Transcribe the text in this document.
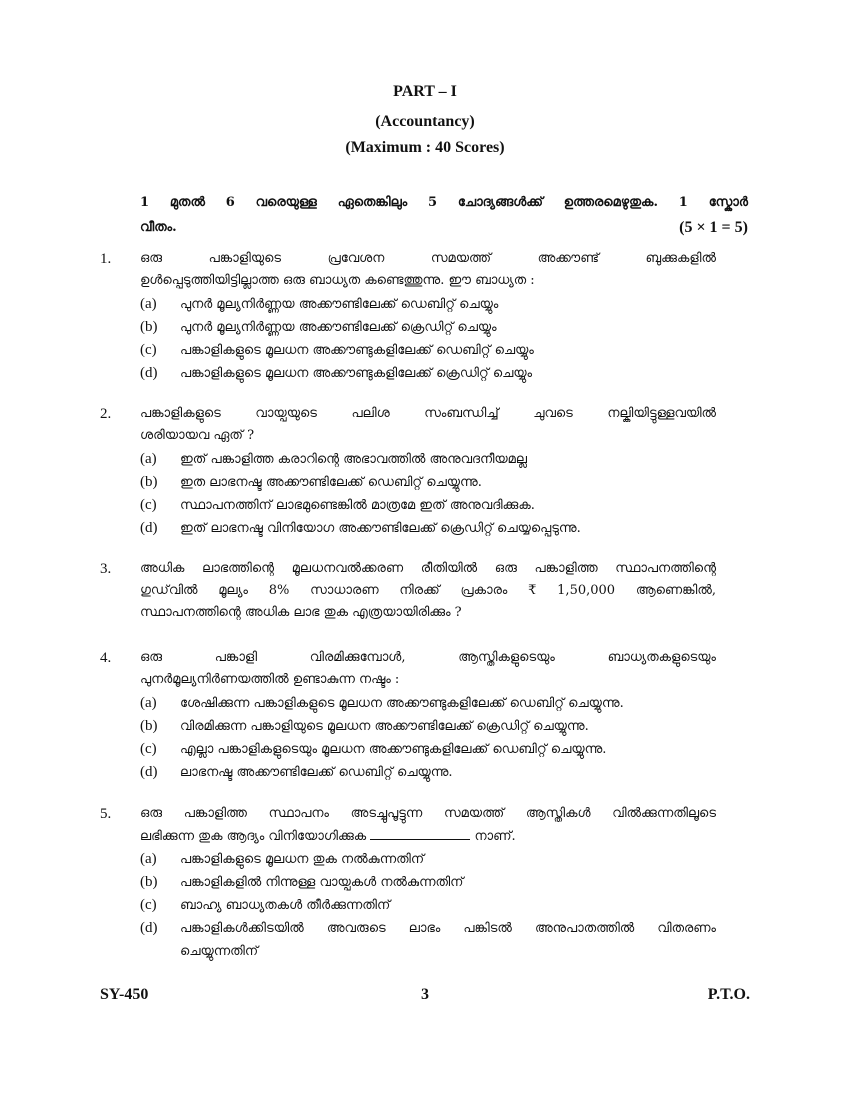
PART – I
(Accountancy)
(Maximum : 40 Scores)
1 മുതൽ 6 വരെയുള്ള ഏതെങ്കിലും 5 ചോദ്യങ്ങൾക്ക് ഉത്തരമെഴുതുക. 1 സ്കോർ
വീതം.	(5 × 1 = 5)
1.	ഒരു പങ്കാളിയുടെ പ്രവേശന സമയത്ത് അക്കൗണ്ട് ബുക്കുകളിൽ
ഉൾപ്പെടുത്തിയിട്ടില്ലാത്ത ഒരു ബാധ്യത കണ്ടെത്തുന്നു. ഈ ബാധ്യത :
(a)	പുനർ മൂല്യനിർണ്ണയ അക്കൗണ്ടിലേക്ക് ഡെബിറ്റ് ചെയ്യും
(b)	പുനർ മൂല്യനിർണ്ണയ അക്കൗണ്ടിലേക്ക് ക്രെഡിറ്റ് ചെയ്യും
(c)	പങ്കാളികളുടെ മൂലധന അക്കൗണ്ടുകളിലേക്ക് ഡെബിറ്റ് ചെയ്യും
(d)	പങ്കാളികളുടെ മൂലധന അക്കൗണ്ടുകളിലേക്ക് ക്രെഡിറ്റ് ചെയ്യും
2.	പങ്കാളികളുടെ വായ്പയുടെ പലിശ സംബന്ധിച്ച് ചുവടെ നല്കിയിട്ടുള്ളവയിൽ
ശരിയായവ ഏത് ?
(a)	ഇത് പങ്കാളിത്ത കരാറിന്റെ അഭാവത്തിൽ അനുവദനീയമല്ല
(b)	ഇത ലാഭനഷ്ട അക്കൗണ്ടിലേക്ക് ഡെബിറ്റ് ചെയ്യുന്നു.
(c)	സ്ഥാപനത്തിന് ലാഭമുണ്ടെങ്കിൽ മാത്രമേ ഇത് അനുവദിക്കുക.
(d)	ഇത് ലാഭനഷ്ട വിനിയോഗ അക്കൗണ്ടിലേക്ക് ക്രെഡിറ്റ് ചെയ്യപ്പെടുന്നു.
3.	അധിക ലാഭത്തിന്റെ മൂലധനവൽക്കരണ രീതിയിൽ ഒരു പങ്കാളിത്ത സ്ഥാപനത്തിന്റെ
ഗുഡ്‌വിൽ മൂല്യം 8% സാധാരണ നിരക്ക് പ്രകാരം ₹ 1,50,000 ആണെങ്കിൽ,
സ്ഥാപനത്തിന്റെ അധിക ലാഭ തുക എത്രയായിരിക്കും ?
4.	ഒരു പങ്കാളി വിരമിക്കുമ്പോൾ, ആസ്തികളുടെയും ബാധ്യതകളുടെയും
പുനർമൂല്യനിർണയത്തിൽ ഉണ്ടാകുന്ന നഷ്ടം :
(a)	ശേഷിക്കുന്ന പങ്കാളികളുടെ മൂലധന അക്കൗണ്ടുകളിലേക്ക് ഡെബിറ്റ് ചെയ്യുന്നു.
(b)	വിരമിക്കുന്ന പങ്കാളിയുടെ മൂലധന അക്കൗണ്ടിലേക്ക് ക്രെഡിറ്റ് ചെയ്യുന്നു.
(c)	എല്ലാ പങ്കാളികളുടെയും മൂലധന അക്കൗണ്ടുകളിലേക്ക് ഡെബിറ്റ് ചെയ്യുന്നു.
(d)	ലാഭനഷ്ട അക്കൗണ്ടിലേക്ക് ഡെബിറ്റ് ചെയ്യുന്നു.
5.	ഒരു പങ്കാളിത്ത സ്ഥാപനം അടച്ചുപൂട്ടുന്ന സമയത്ത് ആസ്തികൾ വിൽക്കുന്നതിലൂടെ
ലഭിക്കുന്ന തുക ആദ്യം വിനിയോഗിക്കുക	നാണ്.
(a)	പങ്കാളികളുടെ മൂലധന തുക നൽകുന്നതിന്
(b)	പങ്കാളികളിൽ നിന്നുള്ള വായ്പകൾ നൽകുന്നതിന്
(c)	ബാഹ്യ ബാധ്യതകൾ തീർക്കുന്നതിന്
(d)	പങ്കാളികൾക്കിടയിൽ അവരുടെ ലാഭം പങ്കിടൽ അനുപാതത്തിൽ വിതരണം
ചെയ്യുന്നതിന്
SY-450	3	P.T.O.
